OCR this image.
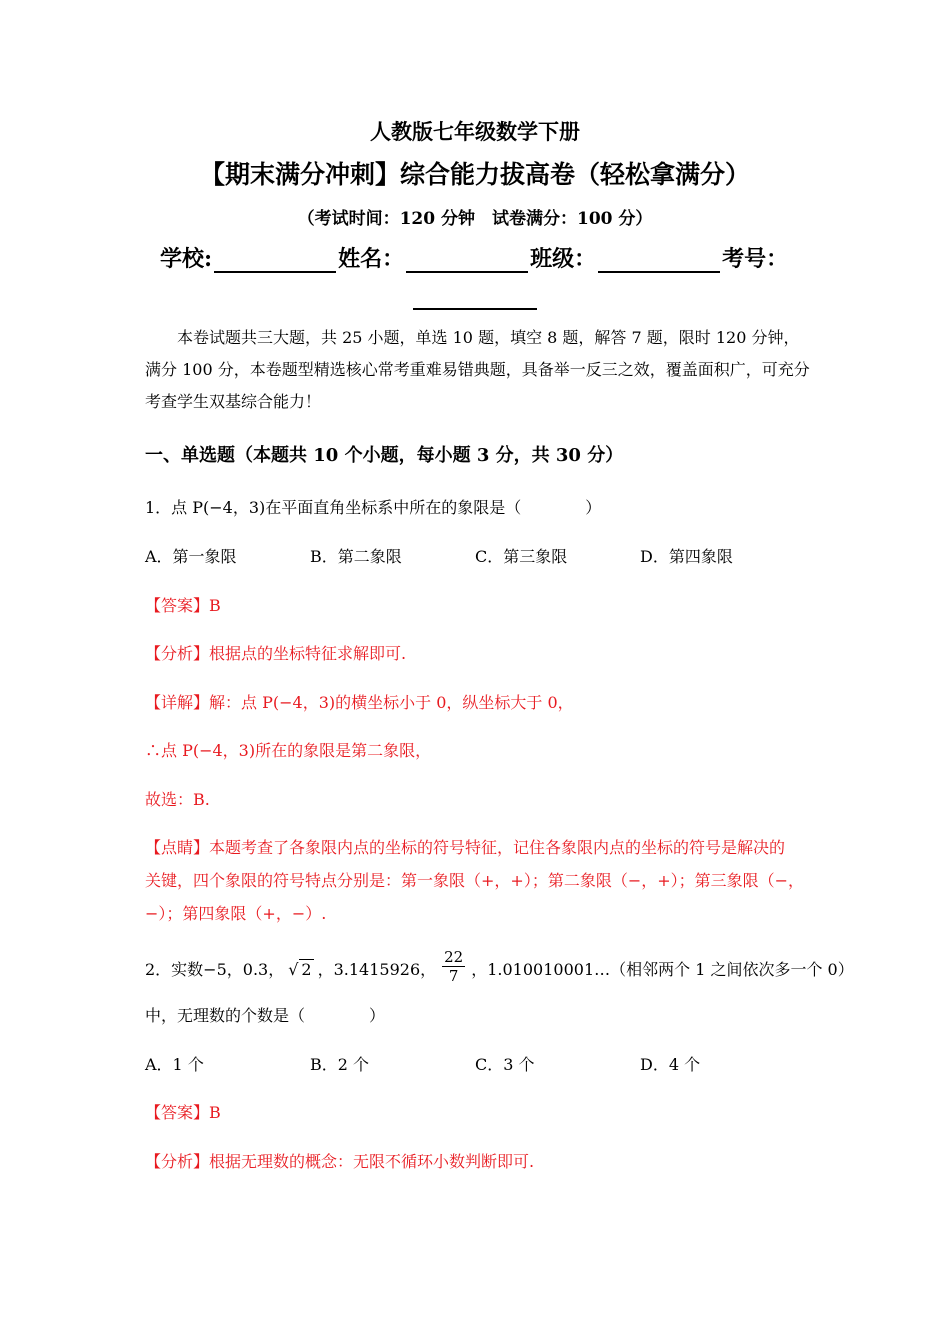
人教版七年级数学下册
【期末满分冲刺】综合能力拔高卷（轻松拿满分）
（考试时间：120 分钟　试卷满分：100 分）
学校:	姓名：	班级：	考号：
本卷试题共三大题，共 25 小题，单选 10 题，填空 8 题，解答 7 题，限时 120 分钟，满分 100 分，本卷题型精选核心常考重难易错典题，具备举一反三之效，覆盖面积广，可充分考查学生双基综合能力！
一、单选题（本题共 10 个小题，每小题 3 分，共 30 分）
1．点 P(−4，3)在平面直角坐标系中所在的象限是（　　　　）
A．第一象限	B．第二象限	C．第三象限	D．第四象限
【答案】B
【分析】根据点的坐标特征求解即可.
【详解】解：点 P(−4，3)的横坐标小于 0，纵坐标大于 0，
∴点 P(−4，3)所在的象限是第二象限，
故选：B.
【点睛】本题考查了各象限内点的坐标的符号特征，记住各象限内点的坐标的符号是解决的
关键，四个象限的符号特点分别是：第一象限（+，+）；第二象限（−，+）；第三象限（−，
−）；第四象限（+，−）.
2．实数−5，0.3， √ 2 ，3.1415926， $\frac{22}{7}$ ，1.010010001…（相邻两个 1 之间依次多一个 0）
中，无理数的个数是（　　　　）
A．1 个	B．2 个	C．3 个	D．4 个
【答案】B
【分析】根据无理数的概念：无限不循环小数判断即可.
